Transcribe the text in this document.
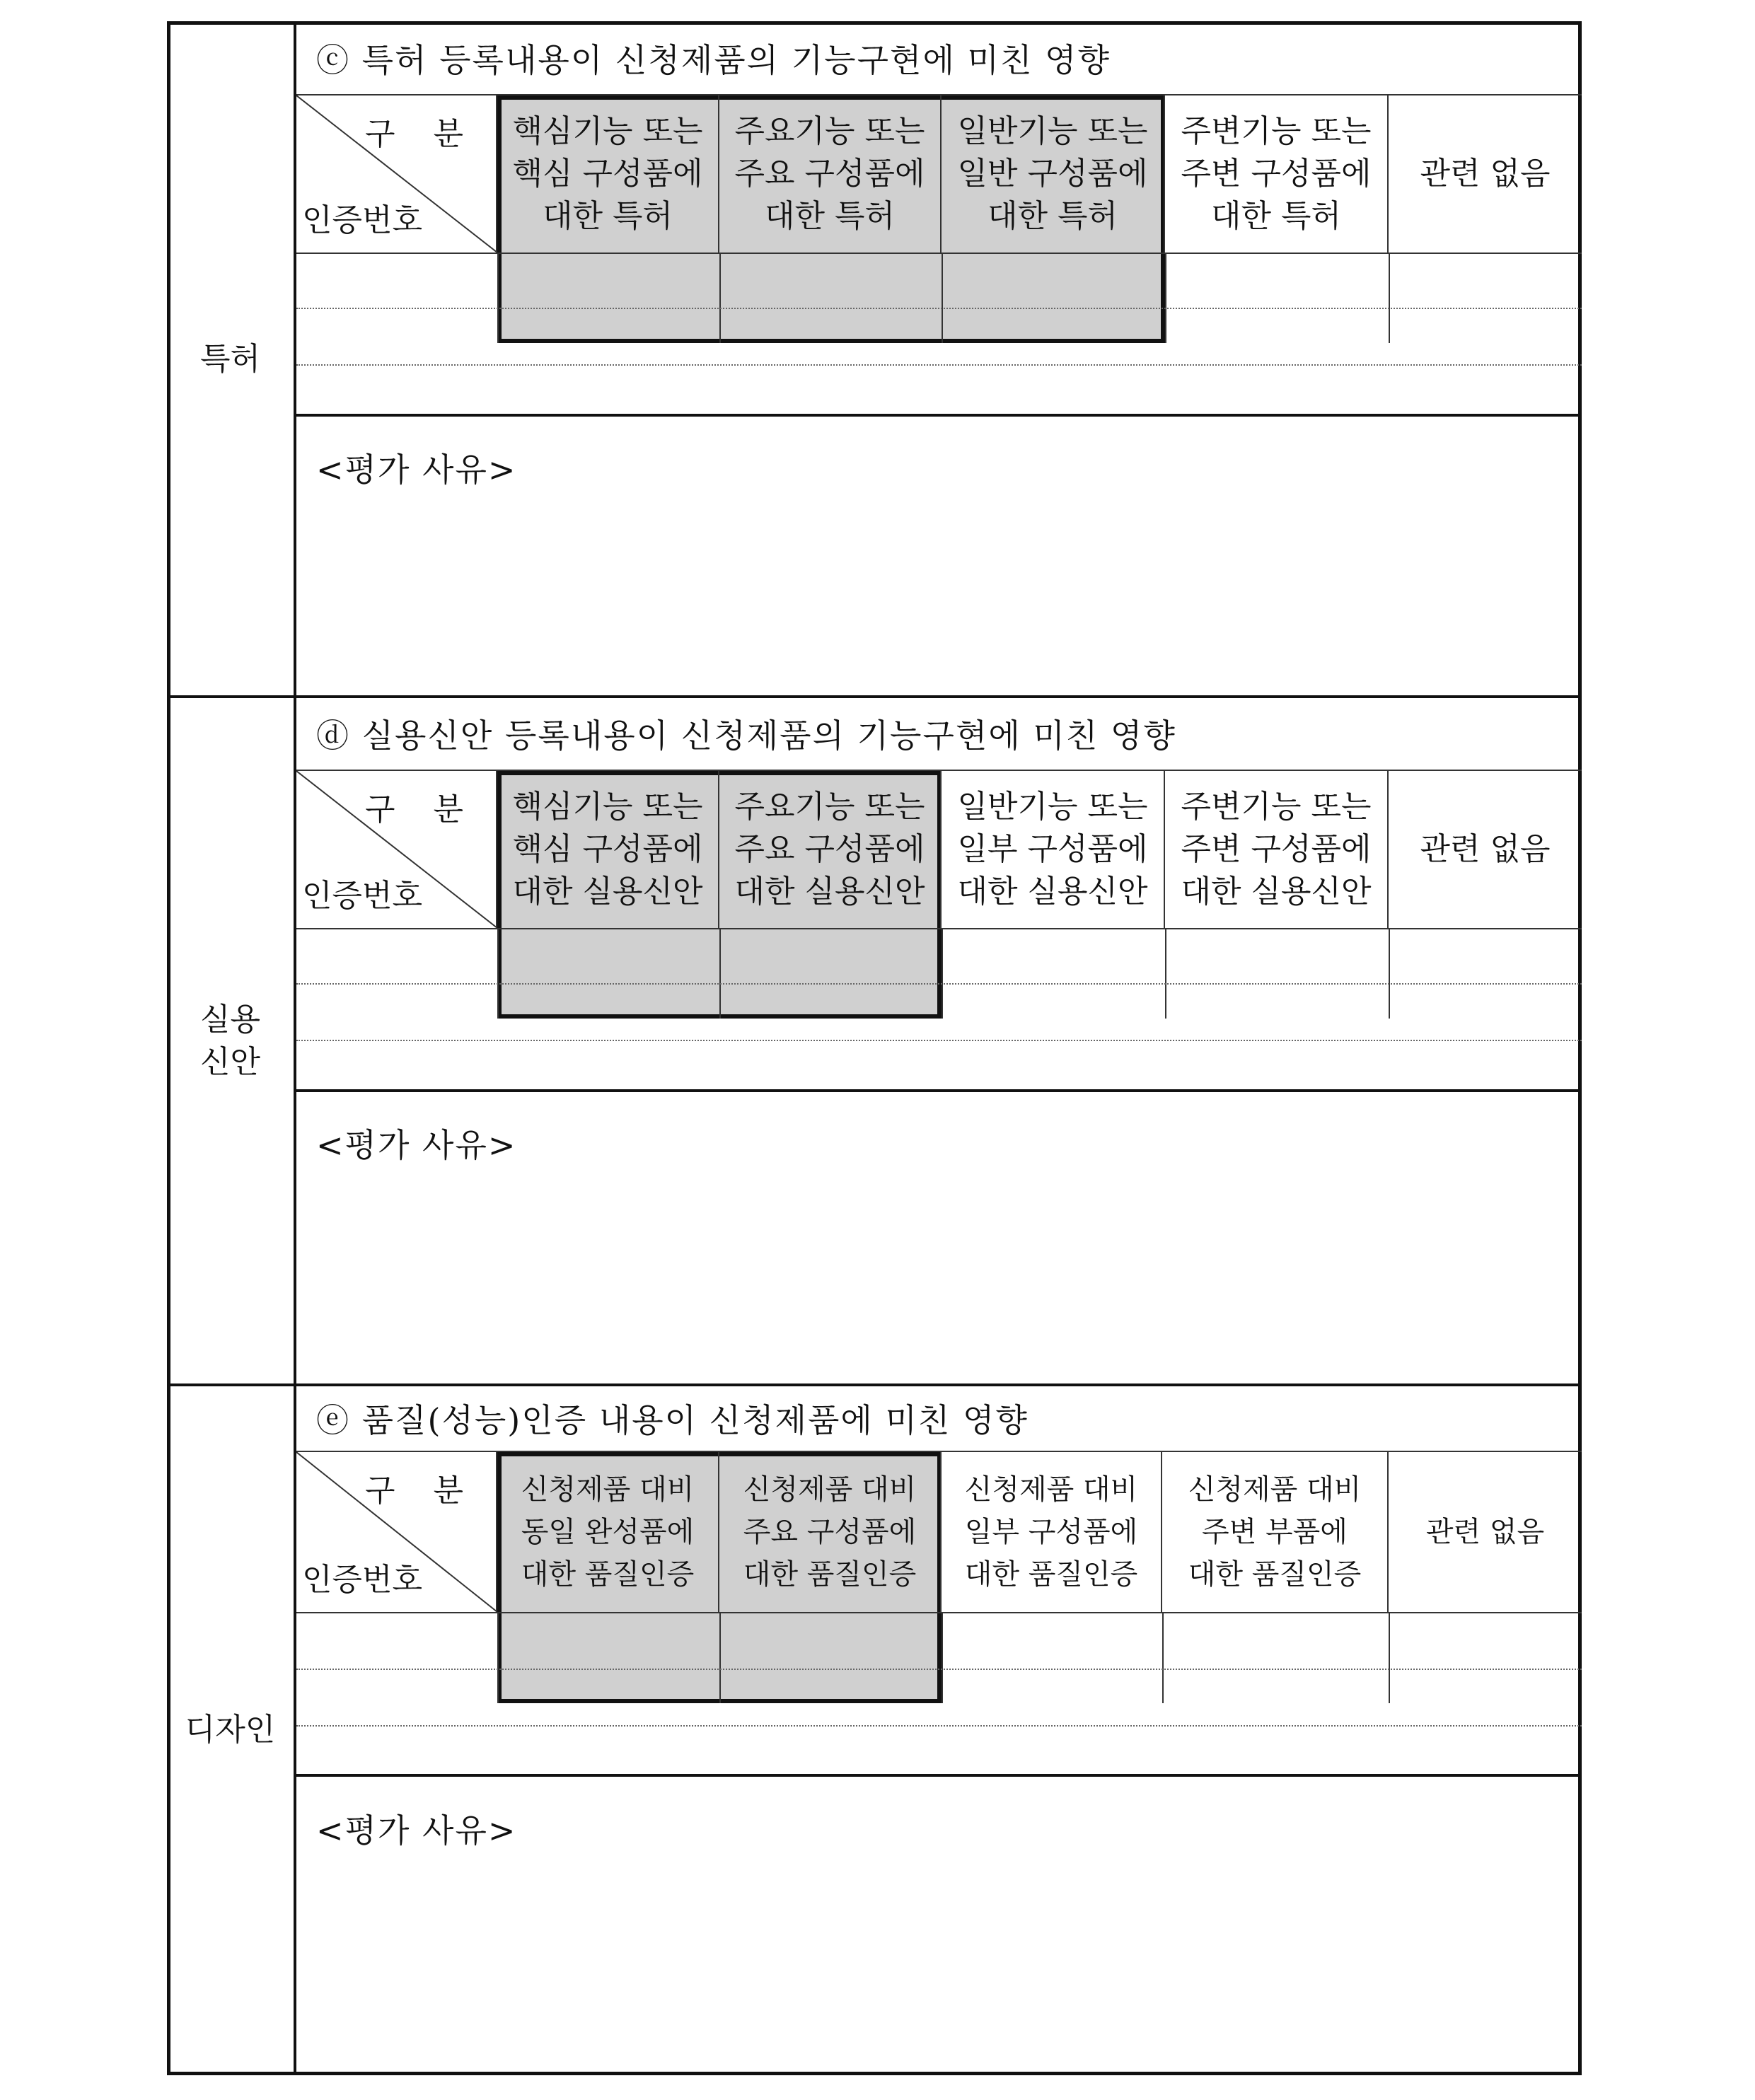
특허
ⓒ 특허 등록내용이 신청제품의 기능구현에 미친 영향
구 분
인증번호
핵심기능 또는
핵심 구성품에
대한 특허
주요기능 또는
주요 구성품에
대한 특허
일반기능 또는
일반 구성품에
대한 특허
주변기능 또는
주변 구성품에
대한 특허
관련 없음
<평가 사유>
실용
신안
ⓓ 실용신안 등록내용이 신청제품의 기능구현에 미친 영향
구 분
인증번호
핵심기능 또는
핵심 구성품에
대한 실용신안
주요기능 또는
주요 구성품에
대한 실용신안
일반기능 또는
일부 구성품에
대한 실용신안
주변기능 또는
주변 구성품에
대한 실용신안
관련 없음
<평가 사유>
디자인
ⓔ 품질(성능)인증 내용이 신청제품에 미친 영향
구 분
인증번호
신청제품 대비
동일 완성품에
대한 품질인증
신청제품 대비
주요 구성품에
대한 품질인증
신청제품 대비
일부 구성품에
대한 품질인증
신청제품 대비
주변 부품에
대한 품질인증
관련 없음
<평가 사유>
